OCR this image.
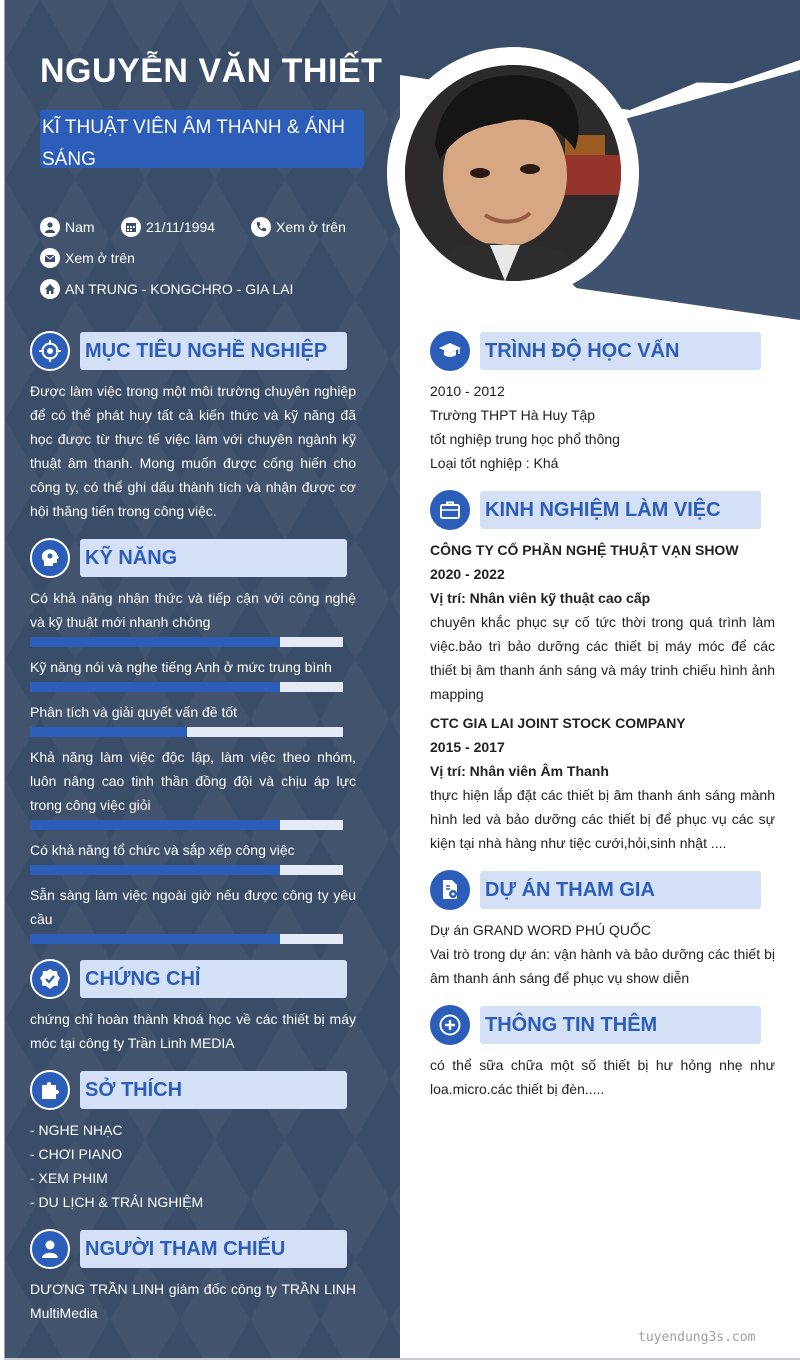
NGUYỄN VĂN THIẾT
KĨ THUẬT VIÊN ÂM THANH & ÁNH SÁNG
Nam	21/11/1994	Xem ở trên
Xem ở trên
AN TRUNG - KONGCHRO - GIA LAI
MỤC TIÊU NGHỀ NGHIỆP
Được làm việc trong một môi trường chuyên nghiệp để có thể phát huy tất cả kiến thức và kỹ năng đã học được từ thực tế việc làm với chuyên ngành kỹ thuật âm thanh. Mong muốn được cống hiến cho công ty, có thể ghi dấu thành tích và nhận được cơ hội thăng tiến trong công việc.
KỸ NĂNG
Có khả năng nhận thức và tiếp cận với công nghệ và kỹ thuật mới nhanh chóng
Kỹ năng nói và nghe tiếng Anh ở mức trung bình
Phân tích và giải quyết vấn đề tốt
Khả năng làm việc độc lập, làm việc theo nhóm, luôn nâng cao tinh thần đồng đội và chịu áp lực trong công việc giỏi
Có khả năng tổ chức và sắp xếp công việc
Sẵn sàng làm việc ngoài giờ nếu được công ty yêu cầu
CHỨNG CHỈ
chứng chỉ hoàn thành khoá học về các thiết bị máy móc tại công ty Trần Linh MEDIA
SỞ THÍCH
- NGHE NHẠC
- CHƠI PIANO
- XEM PHIM
- DU LỊCH & TRẢI NGHIỆM
NGƯỜI THAM CHIẾU
DƯƠNG TRẦN LINH giám đốc công ty TRẦN LINH MultiMedia
TRÌNH ĐỘ HỌC VẤN
2010 - 2012
Trường THPT Hà Huy Tập
tốt nghiệp trung học phổ thông
Loại tốt nghiệp : Khá
KINH NGHIỆM LÀM VIỆC
CÔNG TY CỔ PHẦN NGHỆ THUẬT VẠN SHOW
2020 - 2022
Vị trí: Nhân viên kỹ thuật cao cấp
chuyên khắc phục sự cố tức thời trong quá trình làm việc.bảo trì bảo dưỡng các thiết bị máy móc để các thiết bị âm thanh ánh sáng và máy trinh chiếu hình ảnh mapping
CTC GIA LAI JOINT STOCK COMPANY
2015 - 2017
Vị trí: Nhân viên Âm Thanh
thực hiện lắp đặt các thiết bị âm thanh ánh sáng mành hình led và bảo dưỡng các thiết bị để phục vụ các sự kiện tại nhà hàng như tiệc cưới,hỏi,sinh nhật ....
DỰ ÁN THAM GIA
Dự án GRAND WORD PHÚ QUỐC
Vai trò trong dự án: vận hành và bảo dưỡng các thiết bị âm thanh ánh sáng để phục vụ show diễn
THÔNG TIN THÊM
có thể sữa chữa một số thiết bị hư hỏng nhẹ như loa.micro.các thiết bị đèn.....
tuyendung3s.com
